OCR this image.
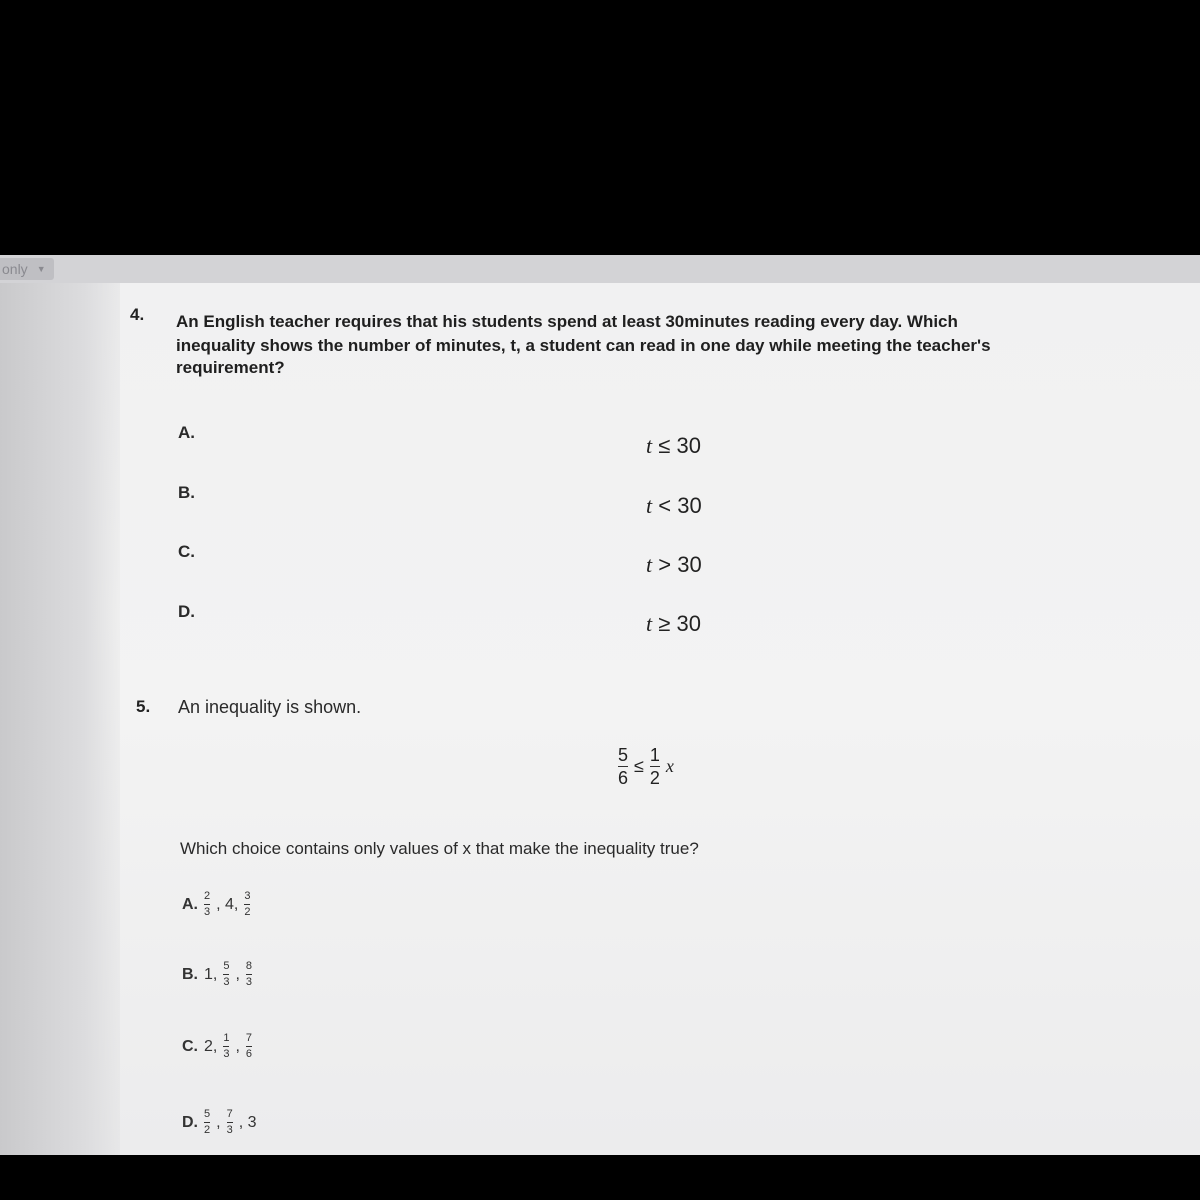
only ▼
4. An English teacher requires that his students spend at least 30minutes reading every day. Which
inequality shows the number of minutes, t, a student can read in one day while meeting the teacher's
requirement?
A.
t ≤ 30
B.
t < 30
C.
t > 30
D.	t ≥ 30
5. An inequality is shown.
$\frac{5}{6} \le \frac{1}{2}$ x
Which choice contains only values of x that make the inequality true?
A. $\frac{2}{3}$ , 4, $\frac{3}{2}$
B. 1, $\frac{5}{3}$ , $\frac{8}{3}$
C. 2, $\frac{1}{3}$ , $\frac{7}{6}$
D. $\frac{5}{2}$ , $\frac{7}{3}$ , 3
